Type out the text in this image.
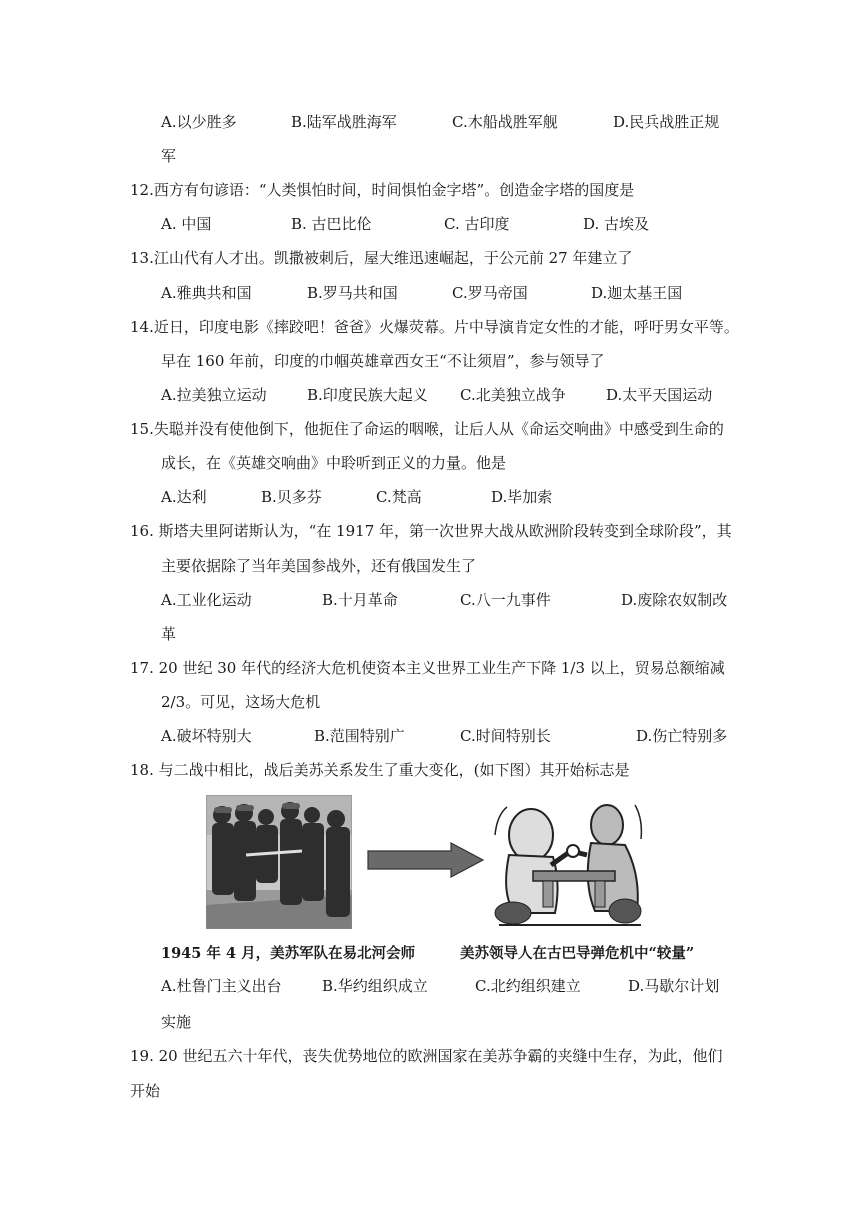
A.以少胜多	B.陆军战胜海军	C.木船战胜军舰	D.民兵战胜正规
军
12.西方有句谚语：“人类惧怕时间，时间惧怕金字塔”。创造金字塔的国度是
A. 中国	B. 古巴比伦	C. 古印度	D. 古埃及
13.江山代有人才出。凯撒被刺后，屋大维迅速崛起，于公元前 27 年建立了
A.雅典共和国	B.罗马共和国	C.罗马帝国	D.迦太基王国
14.近日，印度电影《摔跤吧！爸爸》火爆荧幕。片中导演肯定女性的才能，呼吁男女平等。
早在 160 年前，印度的巾帼英雄章西女王“不让须眉”，参与领导了
A.拉美独立运动	B.印度民族大起义 C.北美独立战争	D.太平天国运动
15.失聪并没有使他倒下，他扼住了命运的咽喉，让后人从《命运交响曲》中感受到生命的
成长，在《英雄交响曲》中聆听到正义的力量。他是
A.达利	B.贝多芬	C.梵高	D.毕加索
16. 斯塔夫里阿诺斯认为，“在 1917 年，第一次世界大战从欧洲阶段转变到全球阶段”，其
主要依据除了当年美国参战外，还有俄国发生了
A.工业化运动	B.十月革命	C.八一九事件	D.废除农奴制改
革
17. 20 世纪 30 年代的经济大危机使资本主义世界工业生产下降 1/3 以上，贸易总额缩减
2/3。可见，这场大危机
A.破坏特别大	B.范围特别广	C.时间特别长	D.伤亡特别多
18. 与二战中相比，战后美苏关系发生了重大变化，(如下图）其开始标志是
1945 年 4 月，美苏军队在易北河会师	美苏领导人在古巴导弹危机中“较量”
A.杜鲁门主义出台	B.华约组织成立	C.北约组织建立	D.马歇尔计划
实施
19. 20 世纪五六十年代，丧失优势地位的欧洲国家在美苏争霸的夹缝中生存，为此，他们
开始
